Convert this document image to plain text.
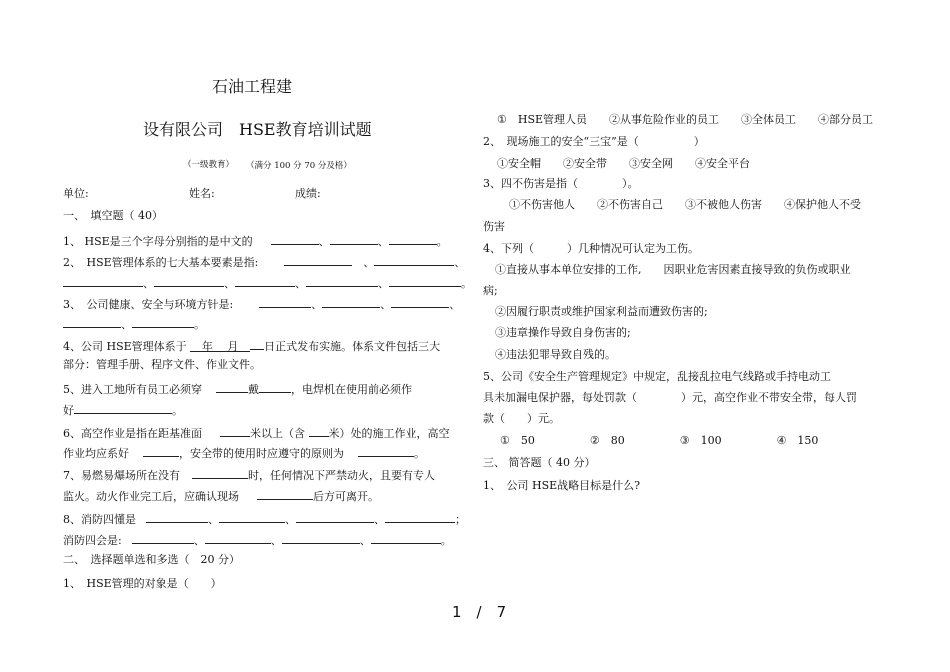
石油工程建
设有限公司　HSE教育培训试题
（一级教育） （满分 100 分 70 分及格）
单位:	姓名:	成绩:
一、　填空题（ 40）
1、 HSE是三个字母分别指的是中文的	、	、	。
2、　HSE管理体系的七大基本要素是指:	　、	、
、	、	、	、	。
3、　公司健康、安全与环境方针是:	、	、	、
、	。
4、公司 HSE管理体系于 年　 月 日正式发布实施。体系文件包括三大
部分：管理手册、程序文件、作业文件。
5、进入工地所有员工必须穿	戴	，电焊机在使用前必须作
好	。
6、高空作业是指在距基准面	米以上（含 米）处的施工作业，高空
作业均应系好	，安全带的使用时应遵守的原则为	。
7、易燃易爆场所在没有	时，任何情况下严禁动火，且要有专人
监火。动火作业完工后，应确认现场	后方可离开。
8、消防四懂是	、	、	、	；
消防四会是:	、	、	、	。
二、　选择题单选和多选（　20 分）
1、　HSE管理的对象是（　　）
①　HSE管理人员　　②从事危险作业的员工　　③全体员工　　④部分员工
2、　现场施工的安全“三宝”是（　　　　　）
①安全帽　　②安全带　　③安全网　　④安全平台
3、四不伤害是指（　　　　）。
①不伤害他人　　②不伤害自己　　③不被他人伤害　　④保护他人不受
伤害
4、下列（　　　）几种情况可认定为工伤。
①直接从事本单位安排的工作,　　因职业危害因素直接导致的负伤或职业
病;
②因履行职责或维护国家利益而遭致伤害的;
③违章操作导致自身伤害的;
④违法犯罪导致自残的。
5、公司《安全生产管理规定》中规定，乱接乱拉电气线路或手持电动工
具未加漏电保护器，每处罚款（　　　　）元，高空作业不带安全带，每人罚
款（　　）元。
①　50　　　　　②　80　　　　　③　100　　　　　④　150
三、 简答题（ 40 分）
1、　公司 HSE战略目标是什么?
1　/　7
